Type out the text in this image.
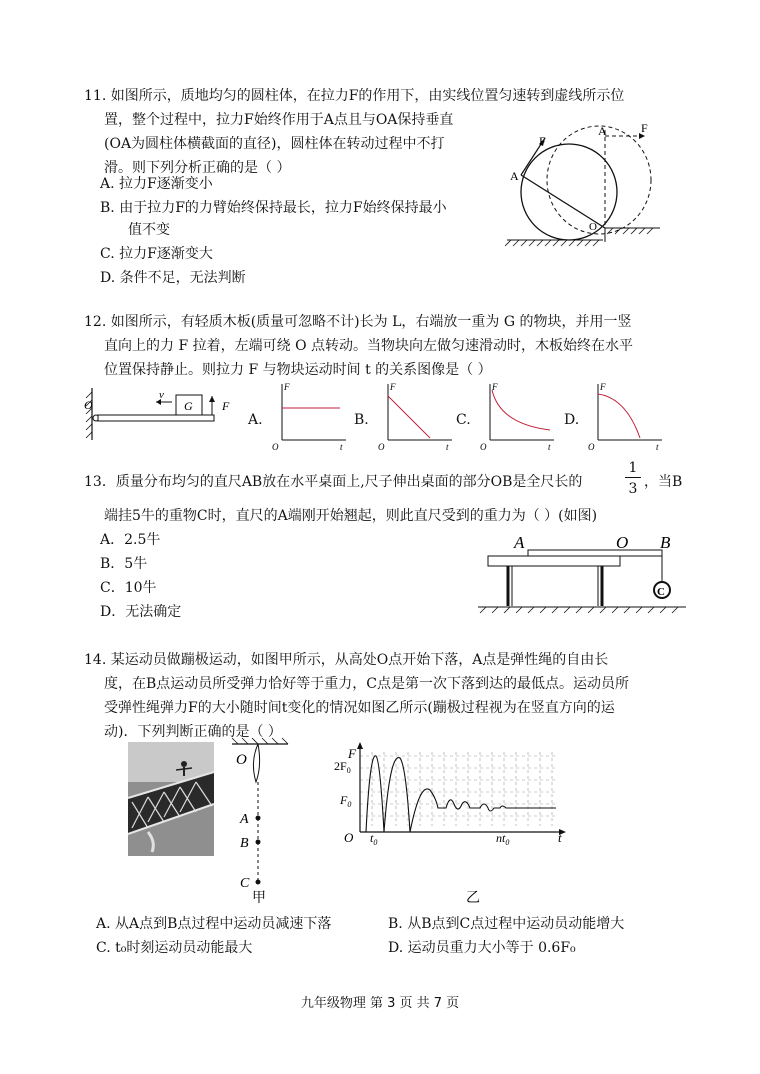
11. 如图所示，质地均匀的圆柱体，在拉力F的作用下，由实线位置匀速转到虚线所示位
置，整个过程中，拉力F始终作用于A点且与OA保持垂直
(OA为圆柱体横截面的直径)，圆柱体在转动过程中不打
滑。则下列分析正确的是（ ）
A. 拉力F逐渐变小
B. 由于拉力F的力臂始终保持最长，拉力F始终保持最小
值不变
C. 拉力F逐渐变大
D. 条件不足，无法判断
F
A
A	F
O
12. 如图所示，有轻质木板(质量可忽略不计)长为 L，右端放一重为 G 的物块，并用一竖
直向上的力 F 拉着，左端可绕 O 点转动。当物块向左做匀速滑动时，木板始终在水平
位置保持静止。则拉力 F 与物块运动时间 t 的关系图像是（ ）
O
v
G F
A.
F
t
O
B.
F
t
O
C.
F
t
O
D.
F
t
O
13．质量分布均匀的直尺AB放在水平桌面上,尺子伸出桌面的部分OB是全尺长的
1
3 ，当B
端挂5牛的重物C时，直尺的A端刚开始翘起，则此直尺受到的重力为（ ）(如图)
A．2.5牛
B．5牛
C．10牛
D．无法确定
A	O B
C
14. 某运动员做蹦极运动，如图甲所示，从高处O点开始下落，A点是弹性绳的自由长
度，在B点运动员所受弹力恰好等于重力，C点是第一次下落到达的最低点。运动员所
受弹性绳弹力F的大小随时间t变化的情况如图乙所示(蹦极过程视为在竖直方向的运
动)．下列判断正确的是（ ）
O
A
B
C
甲
F
$2F_0$
$F_0$
O $t_0$	$nt_0$	t
乙
A. 从A点到B点过程中运动员减速下落	B. 从B点到C点过程中运动员动能增大
C. t₀时刻运动员动能最大	D. 运动员重力大小等于 0.6F₀
九年级物理 第 3 页 共 7 页
